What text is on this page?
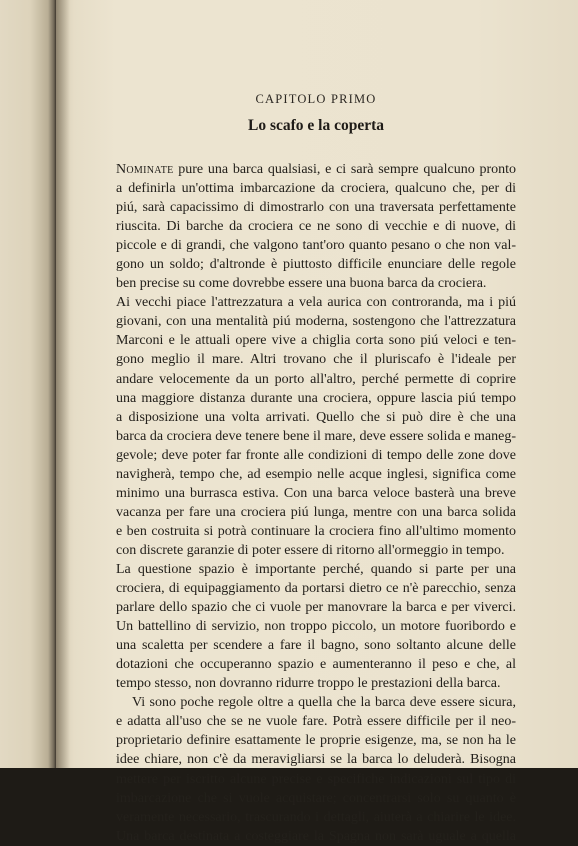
CAPITOLO PRIMO
Lo scafo e la coperta
Nominate pure una barca qualsiasi, e ci sarà sempre qualcuno pronto
a definirla un'ottima imbarcazione da crociera, qualcuno che, per di
piú, sarà capacissimo di dimostrarlo con una traversata perfettamente
riuscita. Di barche da crociera ce ne sono di vecchie e di nuove, di
piccole e di grandi, che valgono tant'oro quanto pesano o che non val-
gono un soldo; d'altronde è piuttosto difficile enunciare delle regole
ben precise su come dovrebbe essere una buona barca da crociera.
Ai vecchi piace l'attrezzatura a vela aurica con controranda, ma i piú
giovani, con una mentalità piú moderna, sostengono che l'attrezzatura
Marconi e le attuali opere vive a chiglia corta sono piú veloci e ten-
gono meglio il mare. Altri trovano che il pluriscafo è l'ideale per
andare velocemente da un porto all'altro, perché permette di coprire
una maggiore distanza durante una crociera, oppure lascia piú tempo
a disposizione una volta arrivati. Quello che si può dire è che una
barca da crociera deve tenere bene il mare, deve essere solida e maneg-
gevole; deve poter far fronte alle condizioni di tempo delle zone dove
navigherà, tempo che, ad esempio nelle acque inglesi, significa come
minimo una burrasca estiva. Con una barca veloce basterà una breve
vacanza per fare una crociera piú lunga, mentre con una barca solida
e ben costruita si potrà continuare la crociera fino all'ultimo momento
con discrete garanzie di poter essere di ritorno all'ormeggio in tempo.
La questione spazio è importante perché, quando si parte per una
crociera, di equipaggiamento da portarsi dietro ce n'è parecchio, senza
parlare dello spazio che ci vuole per manovrare la barca e per viverci.
Un battellino di servizio, non troppo piccolo, un motore fuoribordo e
una scaletta per scendere a fare il bagno, sono soltanto alcune delle
dotazioni che occuperanno spazio e aumenteranno il peso e che, al
tempo stesso, non dovranno ridurre troppo le prestazioni della barca.
Vi sono poche regole oltre a quella che la barca deve essere sicura,
e adatta all'uso che se ne vuole fare. Potrà essere difficile per il neo-
proprietario definire esattamente le proprie esigenze, ma, se non ha le
idee chiare, non c'è da meravigliarsi se la barca lo deluderà. Bisogna
mettere per iscritto alcune precise e specifiche indicazioni sul tipo di
imbarcazione che si vuole acquistare; concentrarsi solo su quanto è
veramente necessario, trascurando i dettagli, aiuterà a chiarire le idee.
Una barca destinata a costeggiare la Spagna non sarà uguale a quella
